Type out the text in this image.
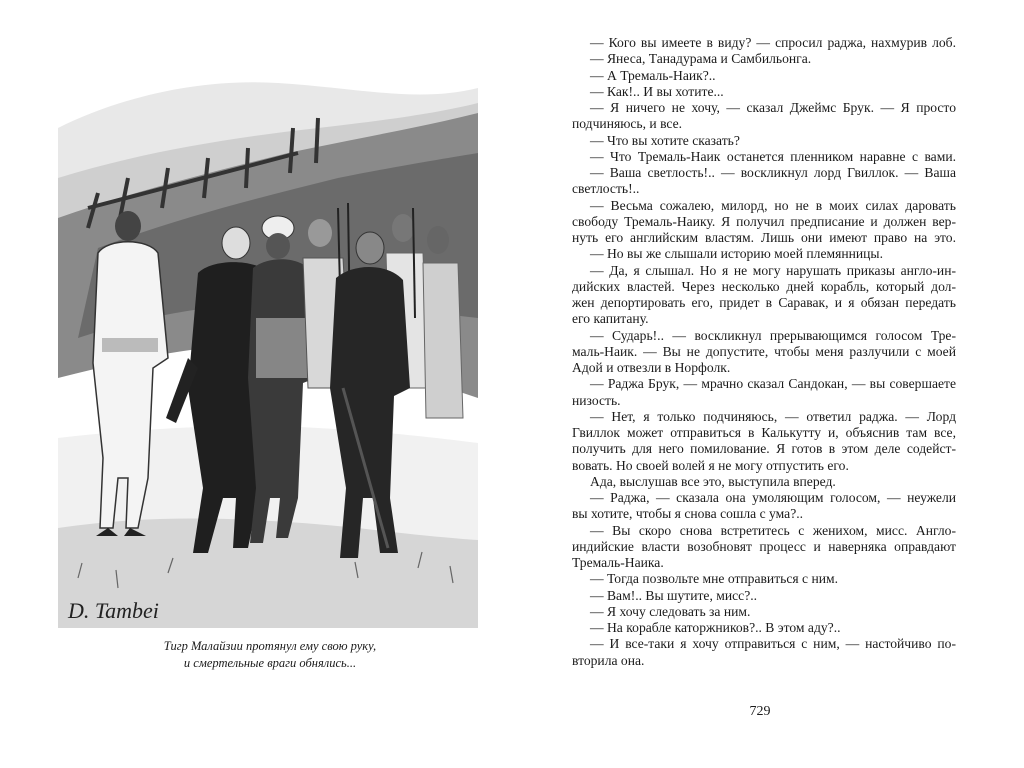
D. Tambei
Тигр Малайзии протянул ему свою руку,
и смертельные враги обнялись...
— Кого вы имеете в виду? — спросил раджа, нахмурив лоб.
— Янеса, Танадурама и Самбильонга.
— А Тремаль-Наик?..
— Как!.. И вы хотите...
— Я ничего не хочу, — сказал Джеймс Брук. — Я просто
подчиняюсь, и все.
— Что вы хотите сказать?
— Что Тремаль-Наик останется пленником наравне с вами.
— Ваша светлость!.. — воскликнул лорд Гвиллок. — Ваша
светлость!..
— Весьма сожалею, милорд, но не в моих силах даровать
свободу Тремаль-Наику. Я получил предписание и должен вер-
нуть его английским властям. Лишь они имеют право на это.
— Но вы же слышали историю моей племянницы.
— Да, я слышал. Но я не могу нарушать приказы англо-ин-
дийских властей. Через несколько дней корабль, который дол-
жен депортировать его, придет в Саравак, и я обязан передать
его капитану.
— Сударь!.. — воскликнул прерывающимся голосом Тре-
маль-Наик. — Вы не допустите, чтобы меня разлучили с моей
Адой и отвезли в Норфолк.
— Раджа Брук, — мрачно сказал Сандокан, — вы совершаете
низость.
— Нет, я только подчиняюсь, — ответил раджа. — Лорд
Гвиллок может отправиться в Калькутту и, объяснив там все,
получить для него помилование. Я готов в этом деле содейст-
вовать. Но своей волей я не могу отпустить его.
Ада, выслушав все это, выступила вперед.
— Раджа, — сказала она умоляющим голосом, — неужели
вы хотите, чтобы я снова сошла с ума?..
— Вы скоро снова встретитесь с женихом, мисс. Англо-
индийские власти возобновят процесс и наверняка оправдают
Тремаль-Наика.
— Тогда позвольте мне отправиться с ним.
— Вам!.. Вы шутите, мисс?..
— Я хочу следовать за ним.
— На корабле каторжников?.. В этом аду?..
— И все-таки я хочу отправиться с ним, — настойчиво по-
вторила она.
729
